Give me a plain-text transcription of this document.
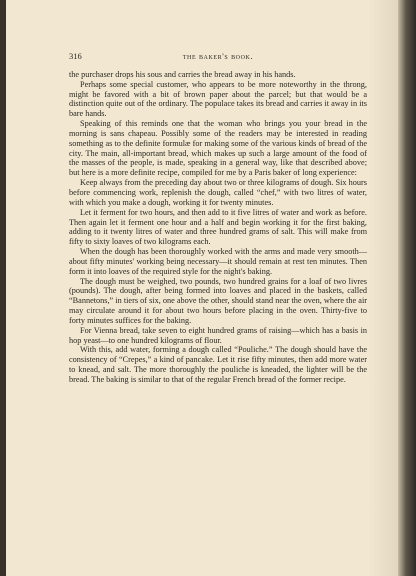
316	the baker's book.

the purchaser drops his sous and carries the bread away in his hands.

Perhaps some special customer, who appears to be more noteworthy in the throng, might be favored with a bit of brown paper about the parcel; but that would be a distinction quite out of the ordinary. The populace takes its bread and carries it away in its bare hands.

Speaking of this reminds one that the woman who brings you your bread in the morning is sans chapeau. Possibly some of the readers may be interested in reading something as to the definite formulæ for making some of the various kinds of bread of the city. The main, all-important bread, which makes up such a large amount of the food of the masses of the people, is made, speaking in a general way, like that described above; but here is a more definite recipe, compiled for me by a Paris baker of long experience:

Keep always from the preceding day about two or three kilograms of dough. Six hours before commencing work, replenish the dough, called “chef,” with two litres of water, with which you make a dough, working it for twenty minutes.

Let it ferment for two hours, and then add to it five litres of water and work as before. Then again let it ferment one hour and a half and begin working it for the first baking, adding to it twenty litres of water and three hundred grams of salt. This will make from fifty to sixty loaves of two kilograms each.

When the dough has been thoroughly worked with the arms and made very smooth—about fifty minutes' working being necessary—it should remain at rest ten minutes. Then form it into loaves of the required style for the night's baking.

The dough must be weighed, two pounds, two hundred grains for a loaf of two livres (pounds). The dough, after being formed into loaves and placed in the baskets, called “Bannetons,” in tiers of six, one above the other, should stand near the oven, where the air may circulate around it for about two hours before placing in the oven. Thirty-five to forty minutes suffices for the baking.

For Vienna bread, take seven to eight hundred grams of raising—which has a basis in hop yeast—to one hundred kilograms of flour.

With this, add water, forming a dough called “Pouliche.” The dough should have the consistency of “Crepes,” a kind of pancake. Let it rise fifty minutes, then add more water to knead, and salt. The more thoroughly the pouliche is kneaded, the lighter will be the bread. The baking is similar to that of the regular French bread of the former recipe.
